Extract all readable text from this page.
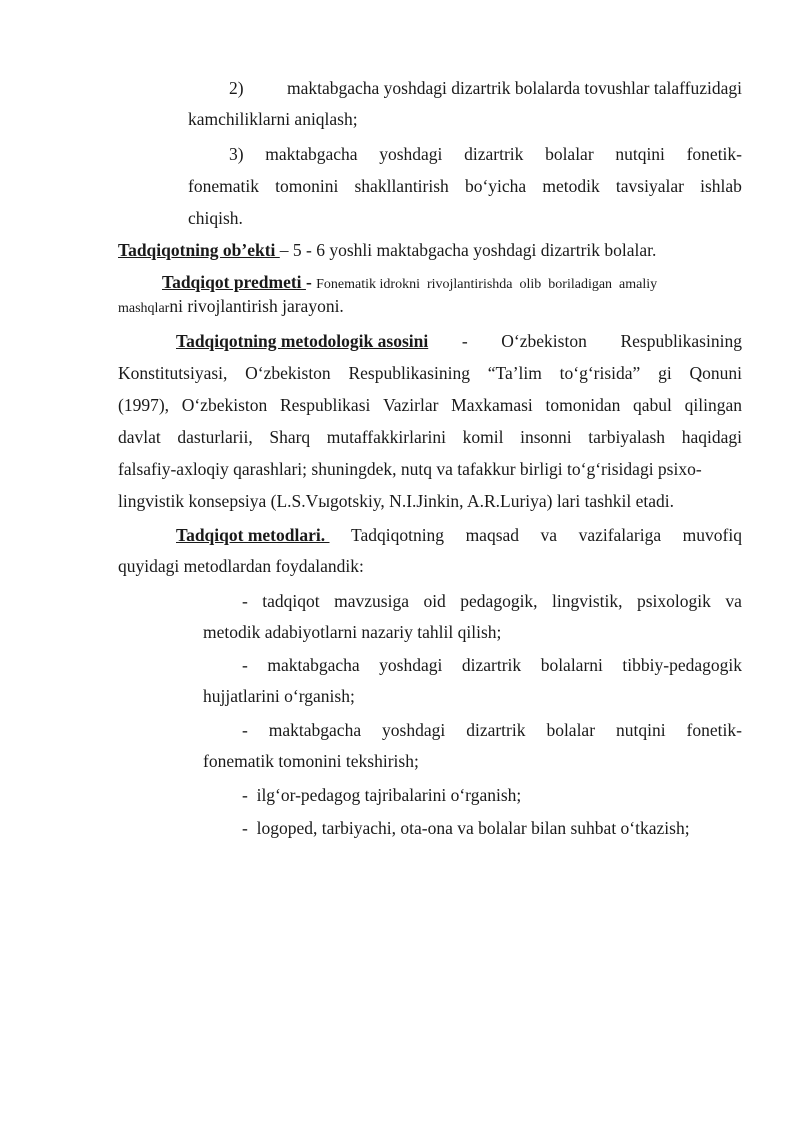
2) maktabgacha yoshdagi dizartrik bolalarda tovushlar talaffuzidagi
kamchiliklarni aniqlash;
3) maktabgacha yoshdagi dizartrik bolalar nutqini fonetik-
fonematik tomonini shakllantirish bo‘yicha metodik tavsiyalar ishlab
chiqish.
Tadqiqotning ob’ekti – 5 - 6 yoshli maktabgacha yoshdagi dizartrik bolalar.
Tadqiqot predmeti - Fonematik idrokni  rivojlantirishda  olib  boriladigan  amaliy
mashqlarni rivojlantirish jarayoni.
Tadqiqotning metodologik asosini - O‘zbekiston Respublikasining
Konstitutsiyasi, O‘zbekiston Respublikasining “Ta’lim to‘g‘risida” gi Qonuni
(1997), O‘zbekiston Respublikasi Vazirlar Maxkamasi tomonidan qabul qilingan
davlat dasturlarii, Sharq mutaffakkirlarini komil insonni tarbiyalash haqidagi
falsafiy-axloqiy qarashlari; shuningdek, nutq va tafakkur birligi to‘g‘risidagi psixo-
lingvistik konsepsiya (L.S.Vыgotskiy, N.I.Jinkin, A.R.Luriya) lari tashkil etadi.
Tadqiqot metodlari. Tadqiqotning maqsad va vazifalariga muvofiq
quyidagi metodlardan foydalandik:
- tadqiqot mavzusiga oid pedagogik, lingvistik, psixologik va
metodik adabiyotlarni nazariy tahlil qilish;
- maktabgacha yoshdagi dizartrik bolalarni tibbiy-pedagogik
hujjatlarini o‘rganish;
- maktabgacha yoshdagi dizartrik bolalar nutqini fonetik-
fonematik tomonini tekshirish;
-  ilg‘or-pedagog tajribalarini o‘rganish;
-  logoped, tarbiyachi, ota-ona va bolalar bilan suhbat o‘tkazish;
